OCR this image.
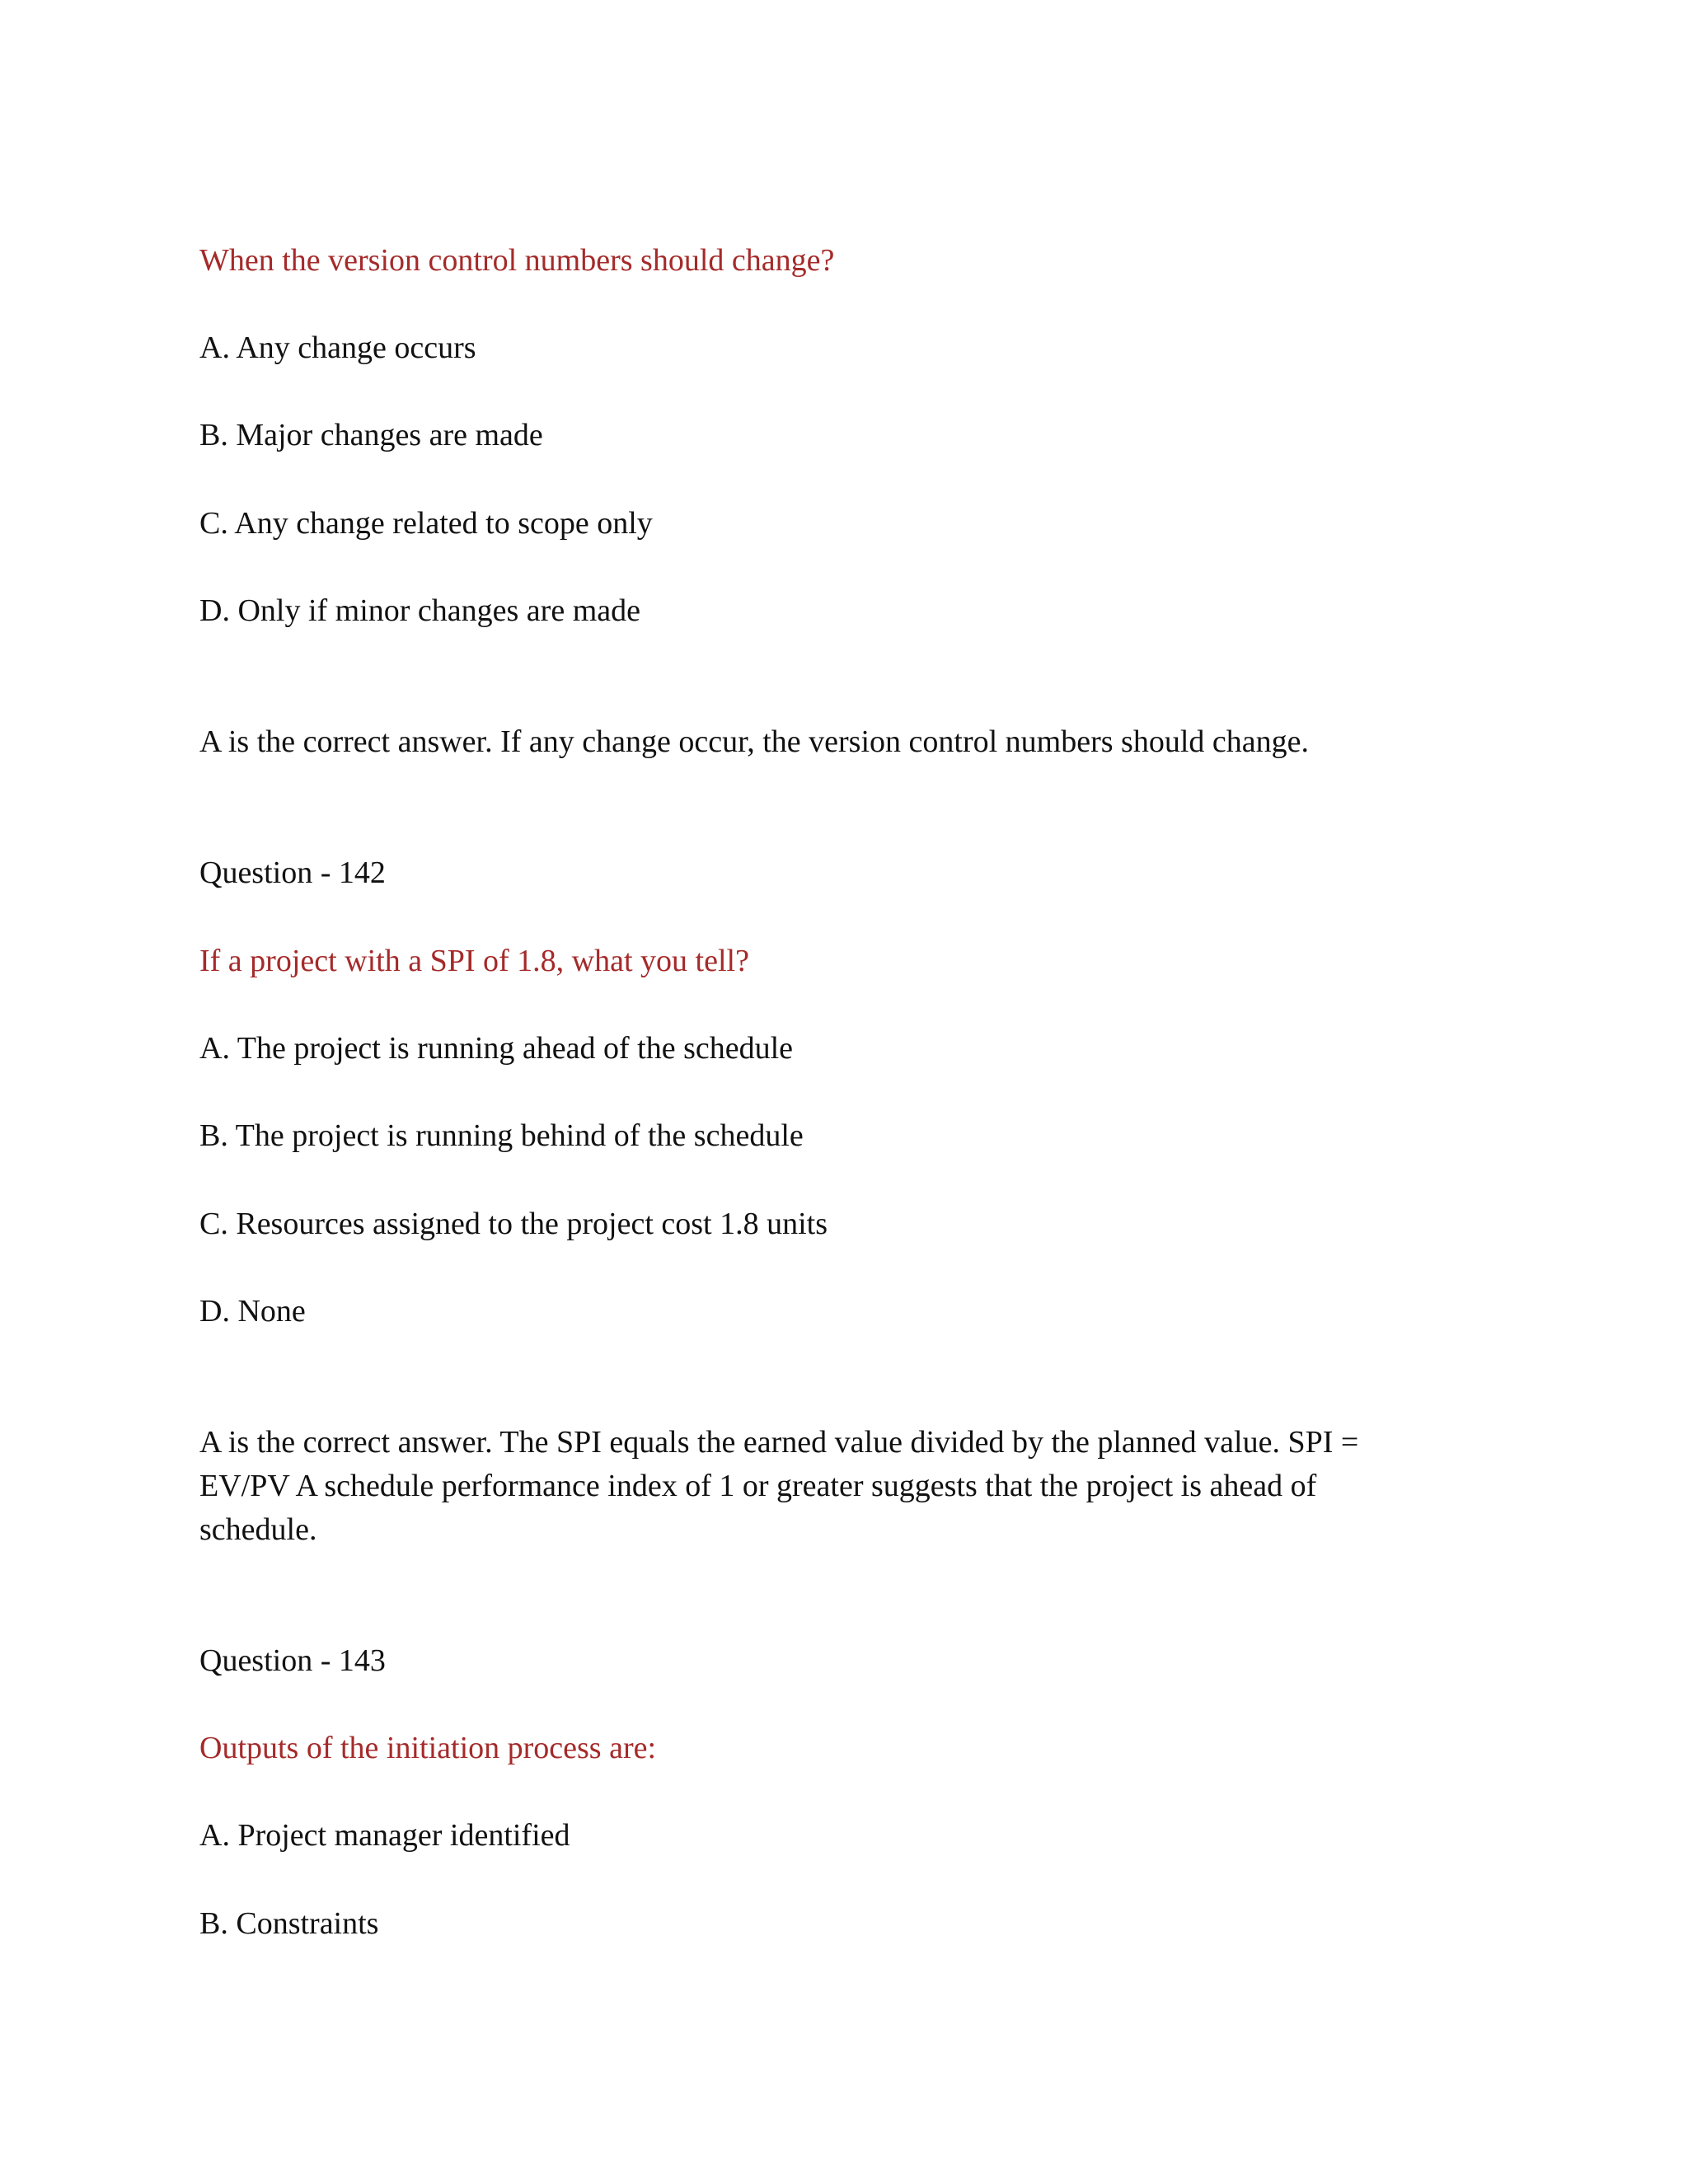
When the version control numbers should change?
A. Any change occurs
B. Major changes are made
C. Any change related to scope only
D. Only if minor changes are made
A is the correct answer. If any change occur, the version control numbers should change.
Question - 142
If a project with a SPI of 1.8, what you tell?
A. The project is running ahead of the schedule
B. The project is running behind of the schedule
C. Resources assigned to the project cost 1.8 units
D. None
A is the correct answer. The SPI equals the earned value divided by the planned value. SPI =
EV/PV A schedule performance index of 1 or greater suggests that the project is ahead of
schedule.
Question - 143
Outputs of the initiation process are:
A. Project manager identified
B. Constraints
